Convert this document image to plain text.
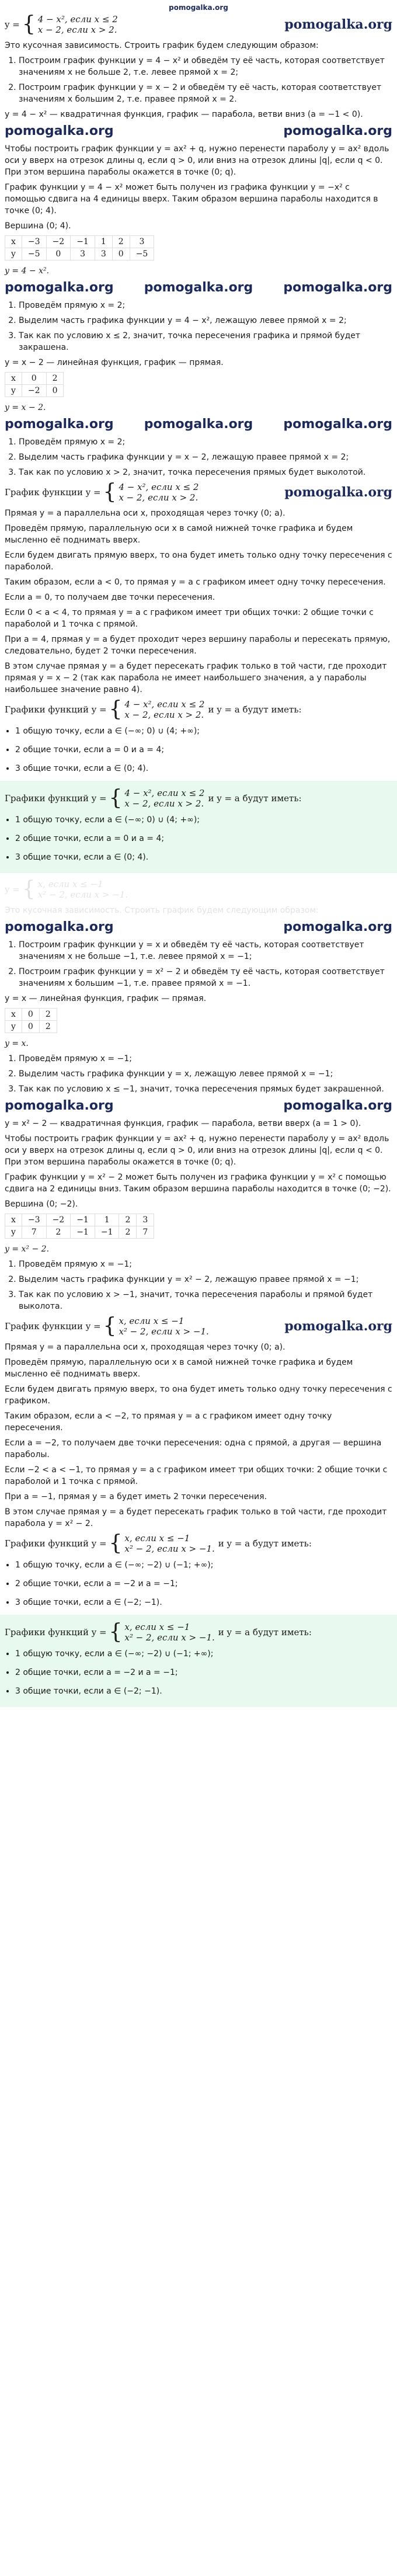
pomogalka.org
y = { 4 − x², если x ≤ 2
x − 2, если x > 2.	pomogalka.org

Это кусочная зависимость. Строить график будем следующим образом:

1. Построим график функции y = 4 − x² и обведём ту её часть, которая соответствует значениям x не больше 2, т.е. левее прямой x = 2;
2. Построим график функции y = x − 2 и обведём ту её часть, которая соответствует значениям x большим 2, т.е. правее прямой x = 2.

y = 4 − x² — квадратичная функция, график — парабола, ветви вниз (a = −1 < 0).

pomogalka.org	pomogalka.org

Чтобы построить график функции y = ax² + q, нужно перенести параболу y = ax² вдоль оси y вверх на отрезок длины q, если q > 0, или вниз на отрезок длины |q|, если q < 0. При этом вершина параболы окажется в точке (0; q).

График функции y = 4 − x² может быть получен из графика функции y = −x² с помощью сдвига на 4 единицы вверх. Таким образом вершина параболы находится в точке (0; 4).

Вершина (0; 4).

x	−3	−2	−1	1	2	3
y	−5	0	3	3	0	−5

y = 4 − x².

pomogalka.org pomogalka.org pomogalka.org
1. Проведём прямую x = 2;
2. Выделим часть графика функции y = 4 − x², лежащую левее прямой x = 2;
3. Так как по условию x ≤ 2, значит, точка пересечения графика и прямой будет закрашена.

y = x − 2 — линейная функция, график — прямая.

x	0	2
y	−2	0

y = x − 2.

pomogalka.org pomogalka.org pomogalka.org
1. Проведём прямую x = 2;
2. Выделим часть графика функции y = x − 2, лежащую правее прямой x = 2;
3. Так как по условию x > 2, значит, точка пересечения прямых будет выколотой.
График функции y = { 4 − x², если x ≤ 2
x − 2, если x > 2.	pomogalka.org

Прямая y = a параллельна оси x, проходящая через точку (0; a).

Проведём прямую, параллельную оси x в самой нижней точке графика и будем мысленно её поднимать вверх.

Если будем двигать прямую вверх, то она будет иметь только одну точку пересечения с параболой.

Таким образом, если a < 0, то прямая y = a с графиком имеет одну точку пересечения.

Если a = 0, то получаем две точки пересечения.

Если 0 < a < 4, то прямая y = a с графиком имеет три общих точки: 2 общие точки с параболой и 1 точка с прямой.

При a = 4, прямая y = a будет проходит через вершину параболы и пересекать прямую, следовательно, будет 2 точки пересечения.

В этом случае прямая y = a будет пересекать график только в той части, где проходит прямая y = x − 2 (так как парабола не имеет наибольшего значения, а у параболы наибольшее значение равно 4).

Графики функций y = { 4 − x², если x ≤ 2
x − 2, если x > 2. и y = a будут иметь:
• 1 общую точку, если a ∈ (−∞; 0) ∪ (4; +∞);
• 2 общие точки, если a = 0 и a = 4;
• 3 общие точки, если a ∈ (0; 4).
Графики функций y = { 4 − x², если x ≤ 2
x − 2, если x > 2. и y = a будут иметь:
• 1 общую точку, если a ∈ (−∞; 0) ∪ (4; +∞);
• 2 общие точки, если a = 0 и a = 4;
• 3 общие точки, если a ∈ (0; 4).
y = { x, если x ≤ −1
x² − 2, если x > −1.

Это кусочная зависимость. Строить график будем следующим образом:

pomogalka.org	pomogalka.org
1. Построим график функции y = x и обведём ту её часть, которая соответствует значениям x не больше −1, т.е. левее прямой x = −1;
2. Построим график функции y = x² − 2 и обведём ту её часть, которая соответствует значениям x большим −1, т.е. правее прямой x = −1.

y = x — линейная функция, график — прямая.

x	0	2
y	0	2

y = x.

1. Проведём прямую x = −1;
2. Выделим часть графика функции y = x, лежащую левее прямой x = −1;
3. Так как по условию x ≤ −1, значит, точка пересечения прямых будет закрашенной.
pomogalka.org	pomogalka.org

y = x² − 2 — квадратичная функция, график — парабола, ветви вверх (a = 1 > 0).

Чтобы построить график функции y = ax² + q, нужно перенести параболу y = ax² вдоль оси y вверх на отрезок длины q, если q > 0, или вниз на отрезок длины |q|, если q < 0. При этом вершина параболы окажется в точке (0; q).

График функции y = x² − 2 может быть получен из графика функции y = x² с помощью сдвига на 2 единицы вниз. Таким образом вершина параболы находится в точке (0; −2).

Вершина (0; −2).

x	−3	−2	−1	1	2	3
y	7	2	−1	−1	2	7

y = x² − 2.

1. Проведём прямую x = −1;
2. Выделим часть графика функции y = x² − 2, лежащую правее прямой x = −1;
3. Так как по условию x > −1, значит, точка пересечения параболы и прямой будет выколота.
График функции y = { x, если x ≤ −1
x² − 2, если x > −1.	pomogalka.org

Прямая y = a параллельна оси x, проходящая через точку (0; a).

Проведём прямую, параллельную оси x в самой нижней точке графика и будем мысленно её поднимать вверх.

Если будем двигать прямую вверх, то она будет иметь только одну точку пересечения с графиком.

Таким образом, если a < −2, то прямая y = a с графиком имеет одну точку пересечения.

Если a = −2, то получаем две точки пересечения: одна с прямой, а другая — вершина параболы.

Если −2 < a < −1, то прямая y = a с графиком имеет три общих точки: 2 общие точки с параболой и 1 точка с прямой.

При a = −1, прямая y = a будет иметь 2 точки пересечения.

В этом случае прямая y = a будет пересекать график только в той части, где проходит парабола y = x² − 2.

Графики функций y = { x, если x ≤ −1
x² − 2, если x > −1. и y = a будут иметь:
• 1 общую точку, если a ∈ (−∞; −2) ∪ (−1; +∞);
• 2 общие точки, если a = −2 и a = −1;
• 3 общие точки, если a ∈ (−2; −1).
Графики функций y = { x, если x ≤ −1
x² − 2, если x > −1. и y = a будут иметь:
• 1 общую точку, если a ∈ (−∞; −2) ∪ (−1; +∞);
• 2 общие точки, если a = −2 и a = −1;
• 3 общие точки, если a ∈ (−2; −1).
